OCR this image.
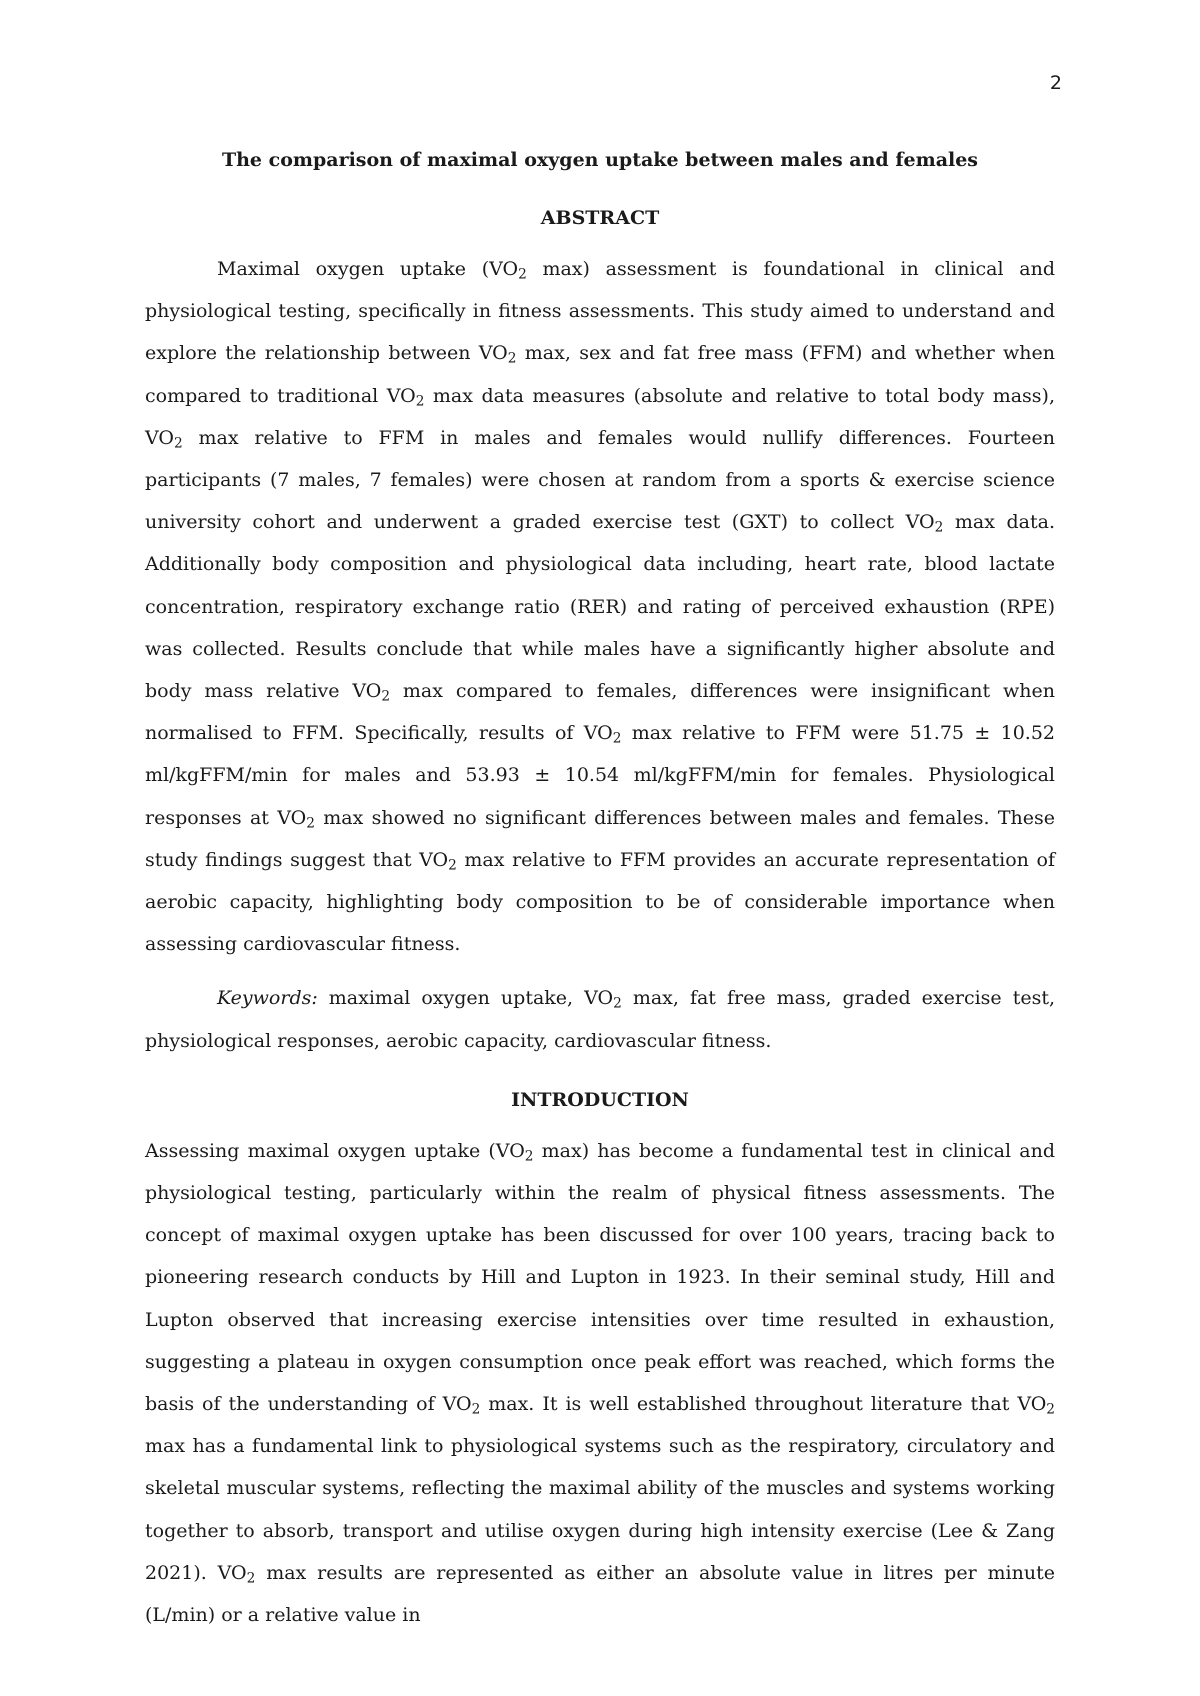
2
The comparison of maximal oxygen uptake between males and females
ABSTRACT

Maximal oxygen uptake ($VO_2$ max) assessment is foundational in clinical and physiological testing, specifically in fitness assessments. This study aimed to understand and explore the relationship between $VO_2$ max, sex and fat free mass (FFM) and whether when compared to traditional $VO_2$ max data measures (absolute and relative to total body mass), $VO_2$ max relative to FFM in males and females would nullify differences. Fourteen participants (7 males, 7 females) were chosen at random from a sports & exercise science university cohort and underwent a graded exercise test (GXT) to collect $VO_2$ max data. Additionally body composition and physiological data including, heart rate, blood lactate concentration, respiratory exchange ratio (RER) and rating of perceived exhaustion (RPE) was collected. Results conclude that while males have a significantly higher absolute and body mass relative $VO_2$ max compared to females, differences were insignificant when normalised to FFM. Specifically, results of $VO_2$ max relative to FFM were 51.75 ± 10.52 ml/kgFFM/min for males and 53.93 ± 10.54 ml/kgFFM/min for females. Physiological responses at $VO_2$ max showed no significant differences between males and females. These study findings suggest that $VO_2$ max relative to FFM provides an accurate representation of aerobic capacity, highlighting body composition to be of considerable importance when assessing cardiovascular fitness.

Keywords: maximal oxygen uptake, $VO_2$ max, fat free mass, graded exercise test, physiological responses, aerobic capacity, cardiovascular fitness.

INTRODUCTION

Assessing maximal oxygen uptake ($VO_2$ max) has become a fundamental test in clinical and physiological testing, particularly within the realm of physical fitness assessments. The concept of maximal oxygen uptake has been discussed for over 100 years, tracing back to pioneering research conducts by Hill and Lupton in 1923. In their seminal study, Hill and Lupton observed that increasing exercise intensities over time resulted in exhaustion, suggesting a plateau in oxygen consumption once peak effort was reached, which forms the basis of the understanding of $VO_2$ max. It is well established throughout literature that $VO_2$ max has a fundamental link to physiological systems such as the respiratory, circulatory and skeletal muscular systems, reflecting the maximal ability of the muscles and systems working together to absorb, transport and utilise oxygen during high intensity exercise (Lee & Zang 2021). $VO_2$ max results are represented as either an absolute value in litres per minute (L/min) or a relative value in
